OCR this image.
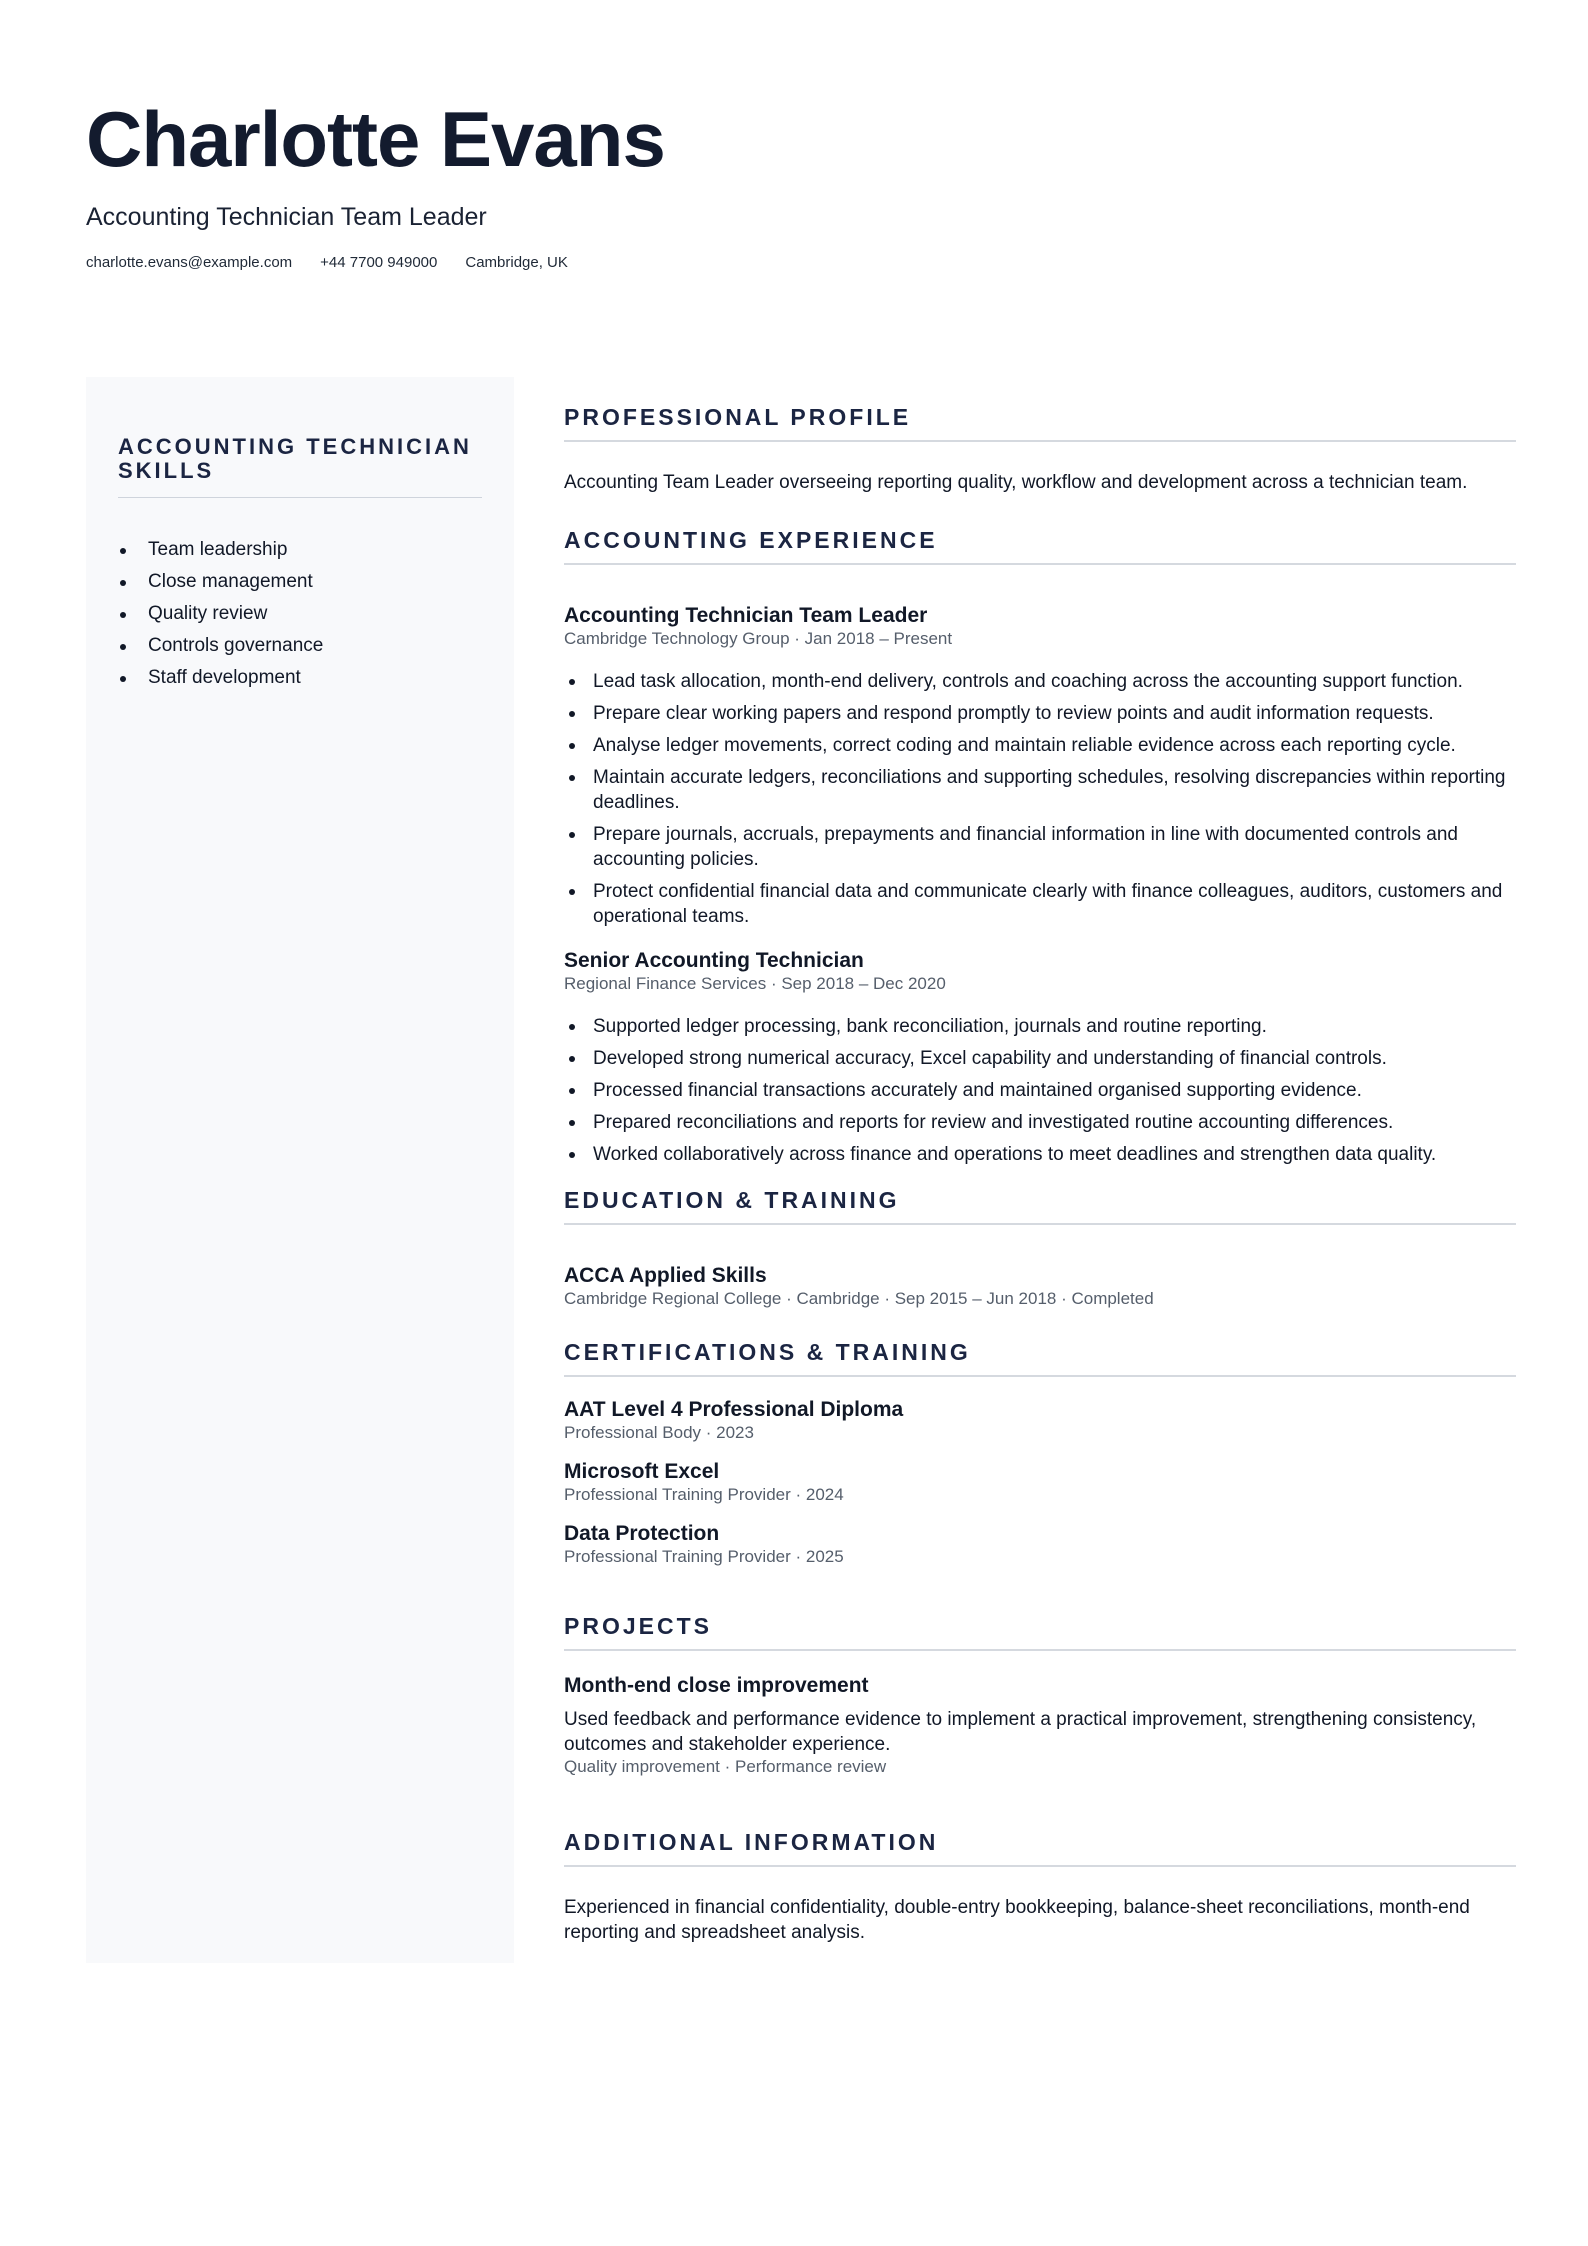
Charlotte Evans
Accounting Technician Team Leader
charlotte.evans@example.com +44 7700 949000 Cambridge, UK
ACCOUNTING TECHNICIAN SKILLS
Team leadership
Close management
Quality review
Controls governance
Staff development
PROFESSIONAL PROFILE
Accounting Team Leader overseeing reporting quality, workflow and development across a technician team.
ACCOUNTING EXPERIENCE
Accounting Technician Team Leader
Cambridge Technology Group · Jan 2018 – Present
Lead task allocation, month-end delivery, controls and coaching across the accounting support function.
Prepare clear working papers and respond promptly to review points and audit information requests.
Analyse ledger movements, correct coding and maintain reliable evidence across each reporting cycle.
Maintain accurate ledgers, reconciliations and supporting schedules, resolving discrepancies within reporting deadlines.
Prepare journals, accruals, prepayments and financial information in line with documented controls and accounting policies.
Protect confidential financial data and communicate clearly with finance colleagues, auditors, customers and operational teams.
Senior Accounting Technician
Regional Finance Services · Sep 2018 – Dec 2020
Supported ledger processing, bank reconciliation, journals and routine reporting.
Developed strong numerical accuracy, Excel capability and understanding of financial controls.
Processed financial transactions accurately and maintained organised supporting evidence.
Prepared reconciliations and reports for review and investigated routine accounting differences.
Worked collaboratively across finance and operations to meet deadlines and strengthen data quality.
EDUCATION & TRAINING
ACCA Applied Skills
Cambridge Regional College · Cambridge · Sep 2015 – Jun 2018 · Completed
CERTIFICATIONS & TRAINING
AAT Level 4 Professional Diploma
Professional Body · 2023
Microsoft Excel
Professional Training Provider · 2024
Data Protection
Professional Training Provider · 2025
PROJECTS
Month-end close improvement
Used feedback and performance evidence to implement a practical improvement, strengthening consistency, outcomes and stakeholder experience.
Quality improvement · Performance review
ADDITIONAL INFORMATION
Experienced in financial confidentiality, double-entry bookkeeping, balance-sheet reconciliations, month-end reporting and spreadsheet analysis.
